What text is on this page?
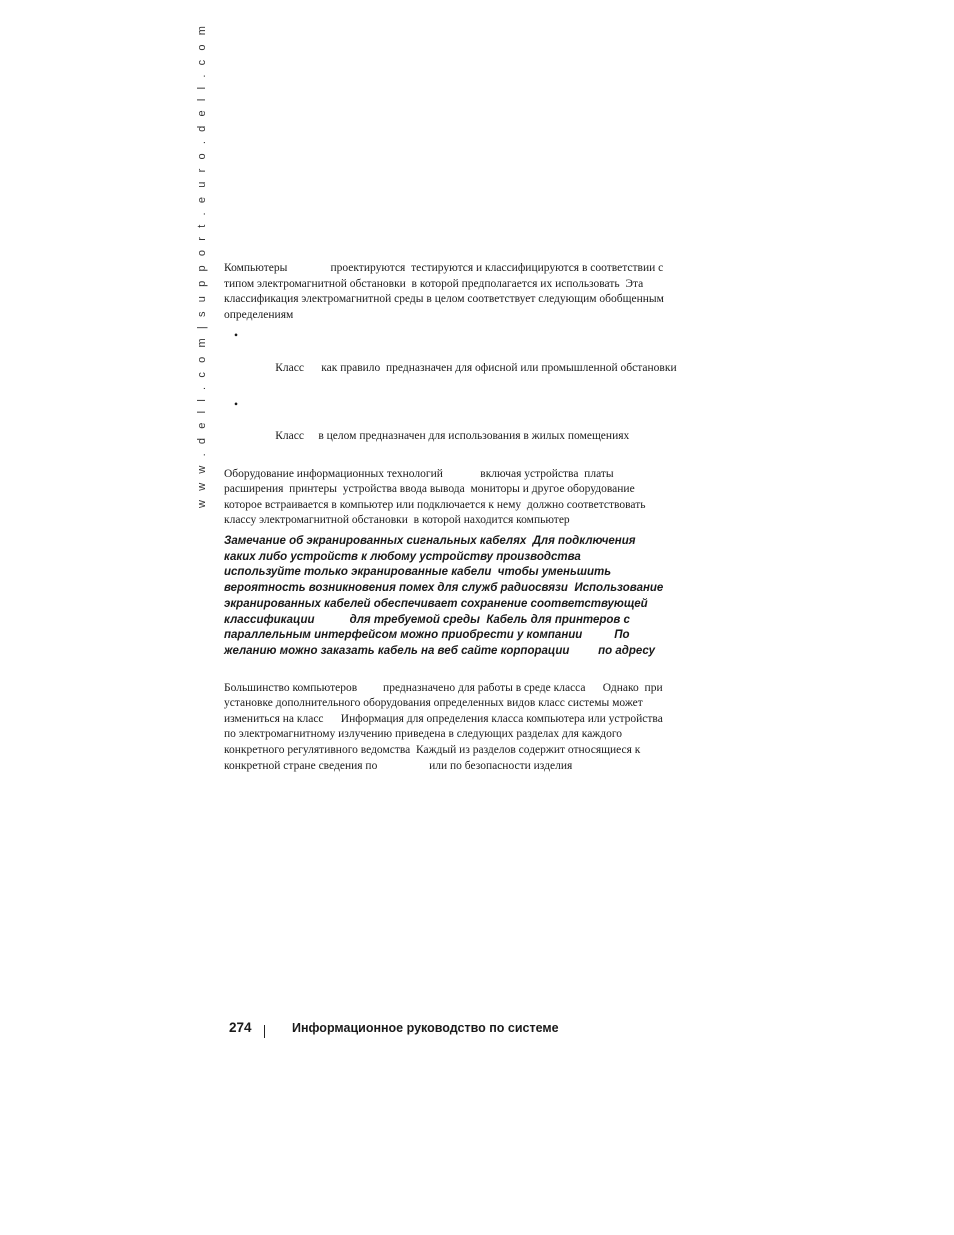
w w w . d e l l . c o m | s u p p o r t . e u r o . d e l l . c o m Компьютеры               проектируются  тестируются и классифицируются в соответствии с
типом электромагнитной обстановки  в которой предполагается их использовать  Эта
классификация электромагнитной среды в целом соответствует следующим обобщенным
определениям

•

Класс      как правило  предназначен для офисной или промышленной обстановки

•

Класс     в целом предназначен для использования в жилых помещениях

Оборудование информационных технологий             включая устройства  платы
расширения  принтеры  устройства ввода вывода  мониторы и другое оборудование
которое встраивается в компьютер или подключается к нему  должно соответствовать
классу электромагнитной обстановки  в которой находится компьютер

Замечание об экранированных сигнальных кабелях  Для подключения
каких либо устройств к любому устройству производства
используйте только экранированные кабели  чтобы уменьшить
вероятность возникновения помех для служб радиосвязи  Использование
экранированных кабелей обеспечивает сохранение соответствующей
классификации           для требуемой среды  Кабель для принтеров с
параллельным интерфейсом можно приобрести у компании          По
желанию можно заказать кабель на веб сайте корпорации         по адресу

Большинство компьютеров         предназначено для работы в среде класса      Однако  при
установке дополнительного оборудования определенных видов класс системы может
измениться на класс      Информация для определения класса компьютера или устройства
по электромагнитному излучению приведена в следующих разделах для каждого
конкретного регулятивного ведомства  Каждый из разделов содержит относящиеся к
конкретной стране сведения по                  или по безопасности изделия

274	Информационное руководство по системе
